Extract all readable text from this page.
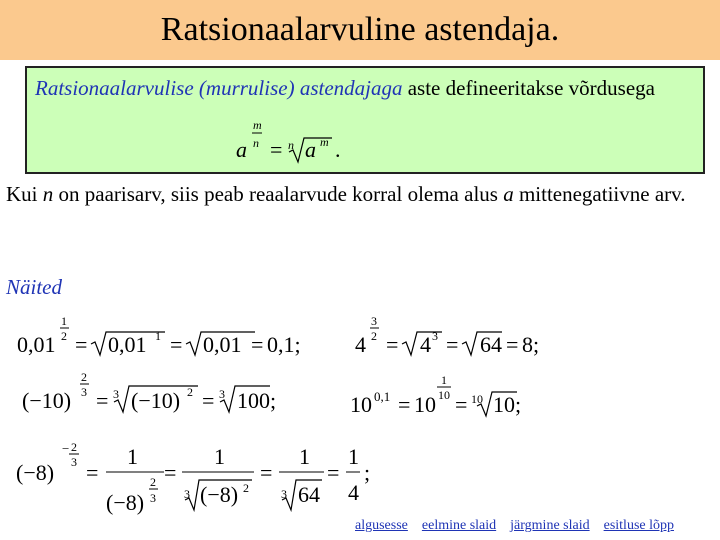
Ratsionaalarvuline astendaja.
Ratsionaalarvulise (murrulise) astendajaga aste defineeritakse võrdusega
a
m
n = n a m .
Kui n on paarisarv, siis peab reaalarvude korral olema alus a mittenegatiivne arv.
Näited
0,01
1
2 = 0,01 1 = 0,01 = 0,1; 4
3
2 = 4 3 = 64 = 8;
(−10)
2
3 = 3 (−10) 2 = 3 100;	10 0,1 = 10
1
10 = 10 10;
(−8)
− 2
3 =
1
(−8)
2
3
=
1
3 (−8) 2
=
1
3 64
=
1
4
;
algusesse eelmine slaid järgmine slaid esitluse lõpp
